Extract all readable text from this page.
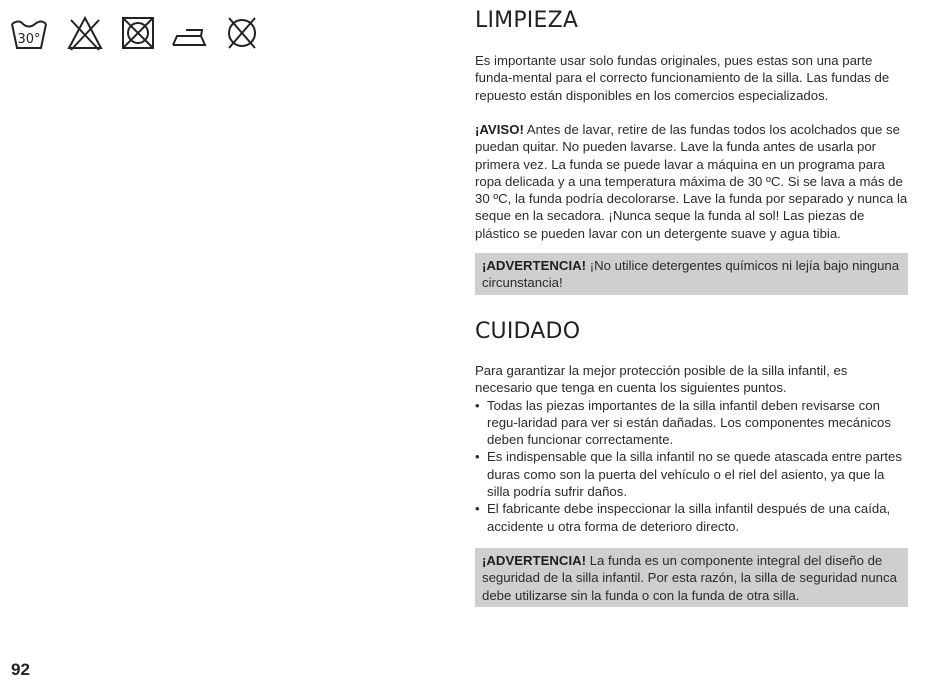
30°
LIMPIEZA

Es importante usar solo fundas originales, pues estas son una parte funda-mental para el correcto funcionamiento de la silla. Las fundas de repuesto están disponibles en los comercios especializados.

¡AVISO! Antes de lavar, retire de las fundas todos los acolchados que se puedan quitar. No pueden lavarse. Lave la funda antes de usarla por primera vez. La funda se puede lavar a máquina en un programa para ropa delicada y a una temperatura máxima de 30 ºC. Si se lava a más de 30 ºC, la funda podría decolorarse. Lave la funda por separado y nunca la seque en la secadora. ¡Nunca seque la funda al sol! Las piezas de plástico se pueden lavar con un detergente suave y agua tibia.

¡ADVERTENCIA! ¡No utilice detergentes químicos ni lejía bajo ninguna circunstancia!
CUIDADO

Para garantizar la mejor protección posible de la silla infantil, es necesario que tenga en cuenta los siguientes puntos.

• Todas las piezas importantes de la silla infantil deben revisarse con regu-laridad para ver si están dañadas. Los componentes mecánicos deben funcionar correctamente.
• Es indispensable que la silla infantil no se quede atascada entre partes duras como son la puerta del vehículo o el riel del asiento, ya que la silla podría sufrir daños.
• El fabricante debe inspeccionar la silla infantil después de una caída, accidente u otra forma de deterioro directo.
¡ADVERTENCIA! La funda es un componente integral del diseño de seguridad de la silla infantil. Por esta razón, la silla de seguridad nunca debe utilizarse sin la funda o con la funda de otra silla.
92
